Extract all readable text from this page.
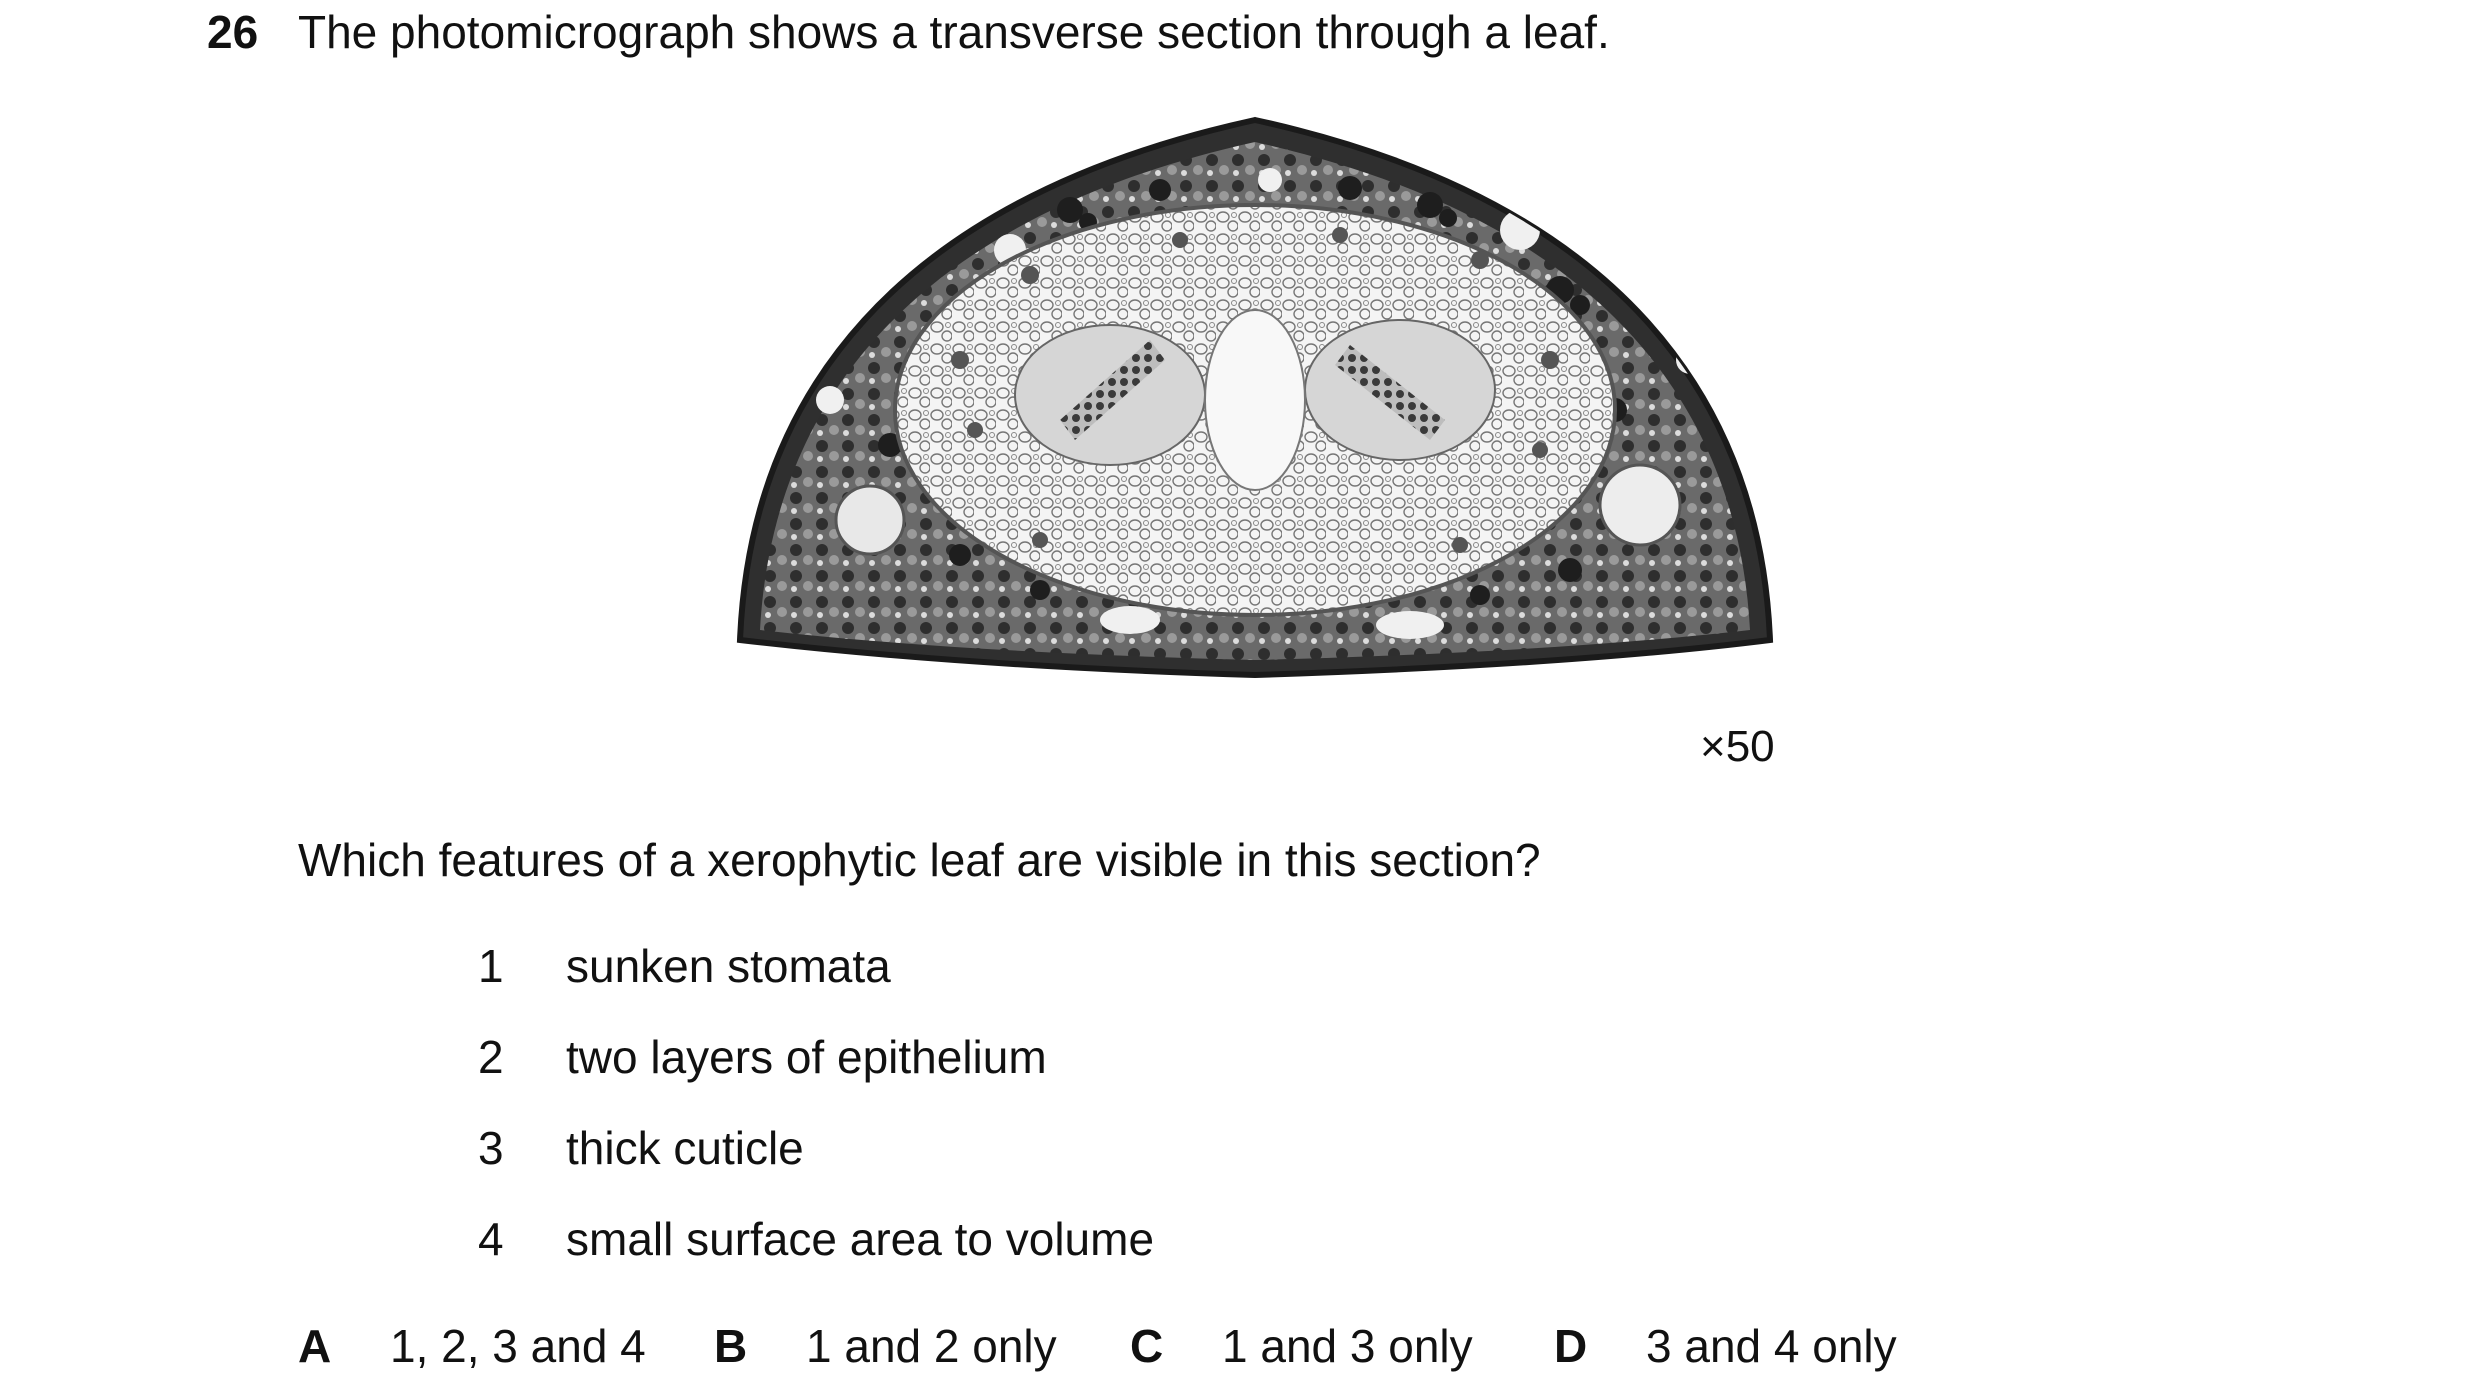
26 The photomicrograph shows a transverse section through a leaf.
×50
Which features of a xerophytic leaf are visible in this section?
1 sunken stomata
2 two layers of epithelium
3 thick cuticle
4 small surface area to volume
A 1, 2, 3 and 4 B 1 and 2 only C 1 and 3 only D 3 and 4 only
